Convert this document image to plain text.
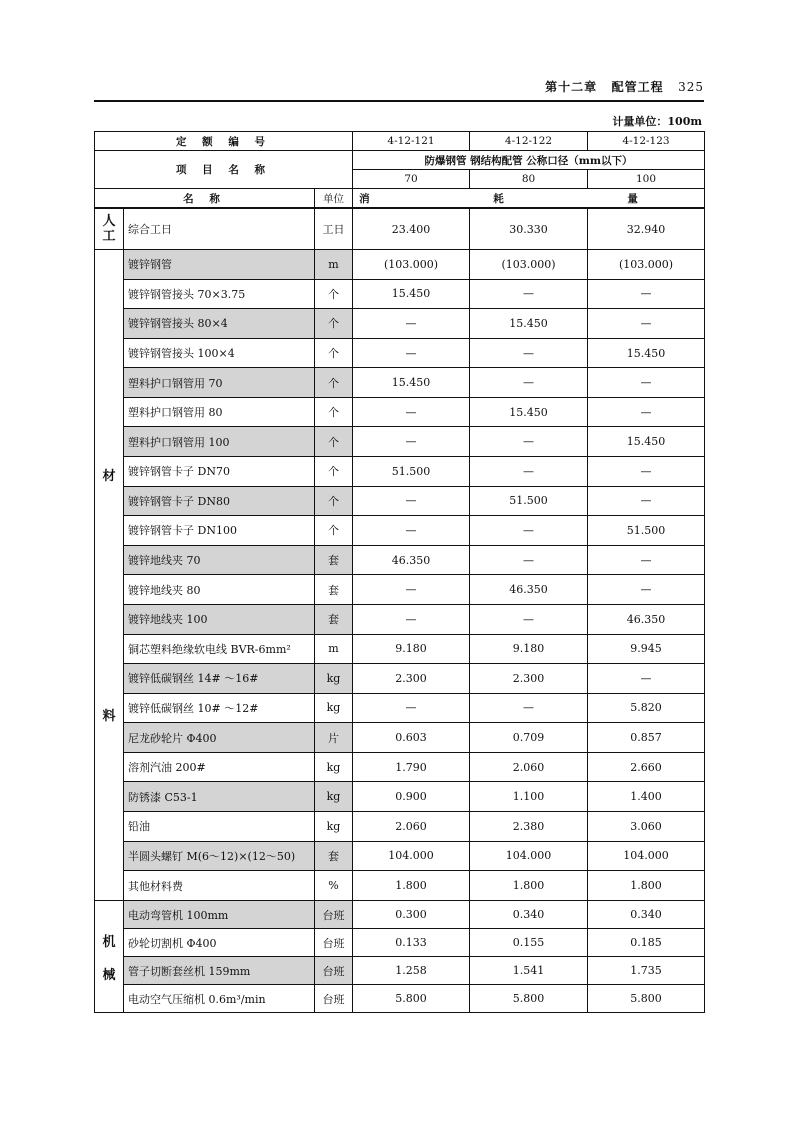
第十二章 配管工程 325
计量单位：100m
定 额 编 号			4-12-121	4-12-122	4-12-123
项 目 名 称			防爆钢管 钢结构配管 公称口径（mm以下）		
			70	80	100
名 称		单位	消 耗 量		
人工	综合工日	工日	23.400	30.330	32.940

材
料	镀锌钢管	m	(103.000)	(103.000)	(103.000)
	镀锌钢管接头 70×3.75	个	15.450	—	—
	镀锌钢管接头 80×4	个	—	15.450	—
	镀锌钢管接头 100×4	个	—	—	15.450
	塑料护口钢管用 70	个	15.450	—	—
	塑料护口钢管用 80	个	—	15.450	—
	塑料护口钢管用 100	个	—	—	15.450
	镀锌钢管卡子 DN70	个	51.500	—	—
	镀锌钢管卡子 DN80	个	—	51.500	—
	镀锌钢管卡子 DN100	个	—	—	51.500
	镀锌地线夹 70	套	46.350	—	—
	镀锌地线夹 80	套	—	46.350	—
	镀锌地线夹 100	套	—	—	46.350
	铜芯塑料绝缘软电线 BVR-6mm²	m	9.180	9.180	9.945
	镀锌低碳钢丝 14# ～16#	kg	2.300	2.300	—
	镀锌低碳钢丝 10# ～12#	kg	—	—	5.820
	尼龙砂轮片 Φ400	片	0.603	0.709	0.857
	溶剂汽油 200#	kg	1.790	2.060	2.660
	防锈漆 C53-1	kg	0.900	1.100	1.400
	铅油	kg	2.060	2.380	3.060
	半圆头螺钉 M(6～12)×(12～50)	套	104.000	104.000	104.000
	其他材料费	%	1.800	1.800	1.800

机
械	电动弯管机 100mm	台班	0.300	0.340	0.340
	砂轮切割机 Φ400	台班	0.133	0.155	0.185
	管子切断套丝机 159mm	台班	1.258	1.541	1.735
	电动空气压缩机 0.6m³/min	台班	5.800	5.800	5.800
